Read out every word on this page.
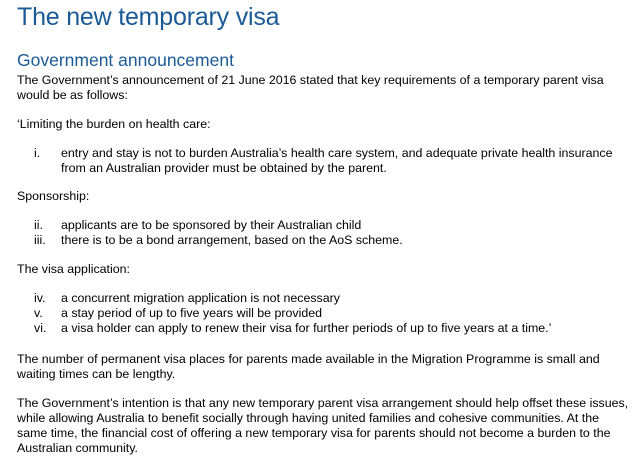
The new temporary visa
Government announcement

The Government’s announcement of 21 June 2016 stated that key requirements of a temporary parent visa would be as follows:

‘Limiting the burden on health care:

i.	entry and stay is not to burden Australia’s health care system, and adequate private health insurance from an Australian provider must be obtained by the parent.

Sponsorship:

ii.	applicants are to be sponsored by their Australian child
iii.	there is to be a bond arrangement, based on the AoS scheme.

The visa application:

iv.	a concurrent migration application is not necessary
v.	a stay period of up to five years will be provided
vi.	a visa holder can apply to renew their visa for further periods of up to five years at a time.’

The number of permanent visa places for parents made available in the Migration Programme is small and waiting times can be lengthy.

The Government’s intention is that any new temporary parent visa arrangement should help offset these issues, while allowing Australia to benefit socially through having united families and cohesive communities. At the same time, the financial cost of offering a new temporary visa for parents should not become a burden to the Australian community.
